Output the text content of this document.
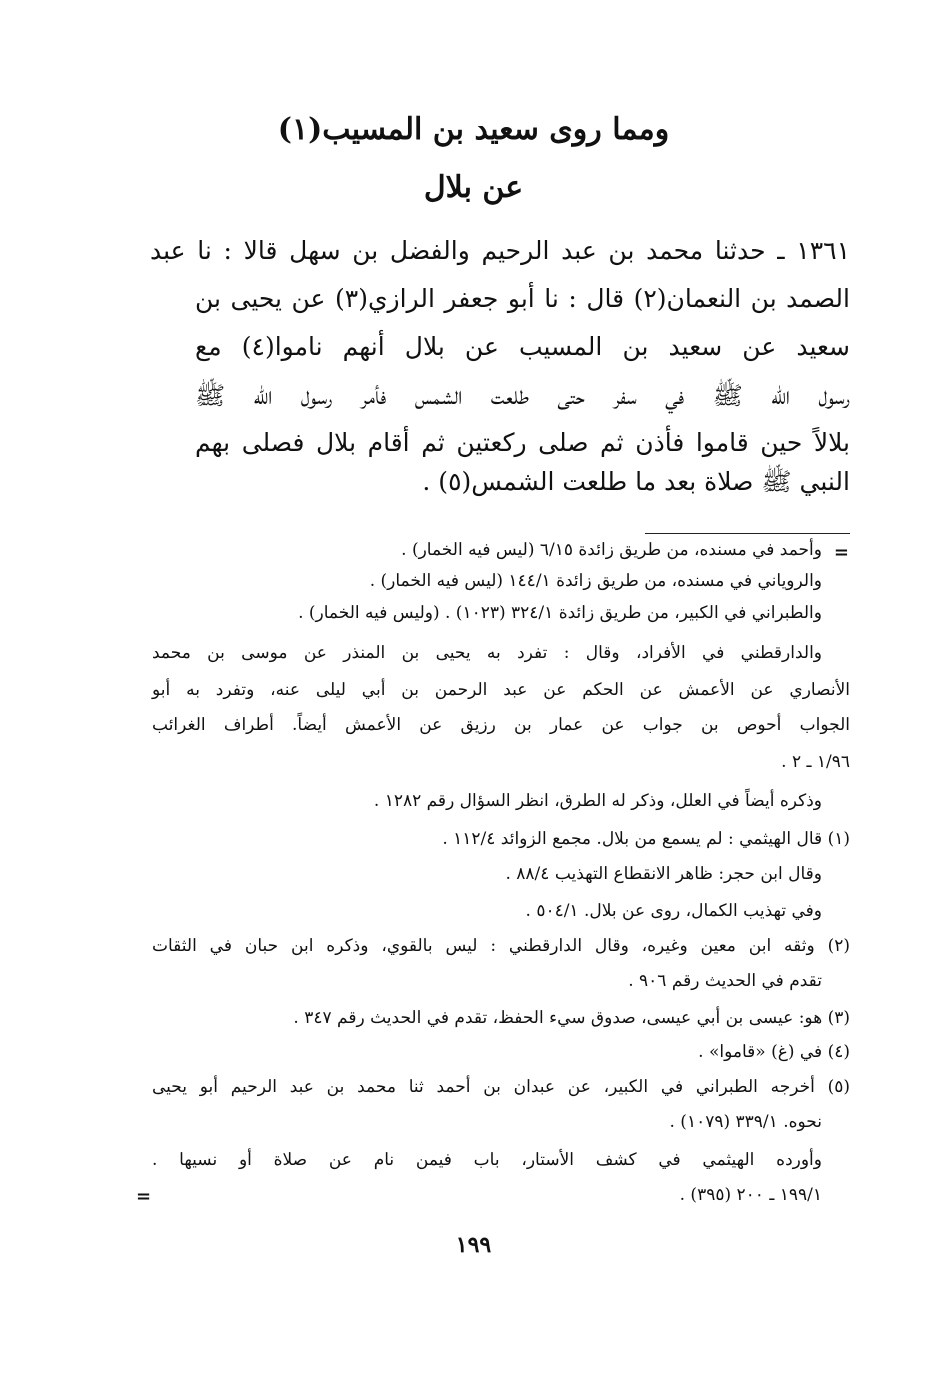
ومما روى سعيد بن المسيب(١)
عن بلال
١٣٦١ ـ حدثنا محمد بن عبد الرحيم والفضل بن سهل قالا : نا عبد
الصمد بن النعمان(٢) قال : نا أبو جعفر الرازي(٣) عن يحيى بن
سعيد عن سعيد بن المسيب عن بلال أنهم ناموا(٤) مع
رسول الله ﷺ في سفر حتى طلعت الشمس فأمر رسول الله ﷺ
بلالاً حين قاموا فأذن ثم صلى ركعتين ثم أقام بلال فصلى بهم
النبي ﷺ صلاة بعد ما طلعت الشمس(٥) .
=
وأحمد في مسنده، من طريق زائدة ٦/١٥ (ليس فيه الخمار) .
والروياني في مسنده، من طريق زائدة ١٤٤/١ (ليس فيه الخمار) .
والطبراني في الكبير، من طريق زائدة ٣٢٤/١ (١٠٢٣) . (وليس فيه الخمار) .
والدارقطني في الأفراد، وقال : تفرد به يحيى بن المنذر عن موسى بن محمد
الأنصاري عن الأعمش عن الحكم عن عبد الرحمن بن أبي ليلى عنه، وتفرد به أبو
الجواب أحوص بن جواب عن عمار بن رزيق عن الأعمش أيضاً. أطراف الغرائب
١/٩٦ ـ ٢ .
وذكره أيضاً في العلل، وذكر له الطرق، انظر السؤال رقم ١٢٨٢ .
(١) قال الهيثمي : لم يسمع من بلال. مجمع الزوائد ١١٢/٤ .
وقال ابن حجر: ظاهر الانقطاع التهذيب ٨٨/٤ .
وفي تهذيب الكمال، روى عن بلال. ٥٠٤/١ .
(٢) وثقه ابن معين وغيره، وقال الدارقطني : ليس بالقوي، وذكره ابن حبان في الثقات
تقدم في الحديث رقم ٩٠٦ .
(٣) هو: عيسى بن أبي عيسى، صدوق سيء الحفظ، تقدم في الحديث رقم ٣٤٧ .
(٤) في (غ) «قاموا» .
(٥) أخرجه الطبراني في الكبير، عن عبدان بن أحمد ثنا محمد بن عبد الرحيم أبو يحيى
نحوه. ٣٣٩/١ (١٠٧٩) .
وأورده الهيثمي في كشف الأستار، باب فيمن نام عن صلاة أو نسيها .
١٩٩/١ ـ ٢٠٠ (٣٩٥) .
=
١٩٩
